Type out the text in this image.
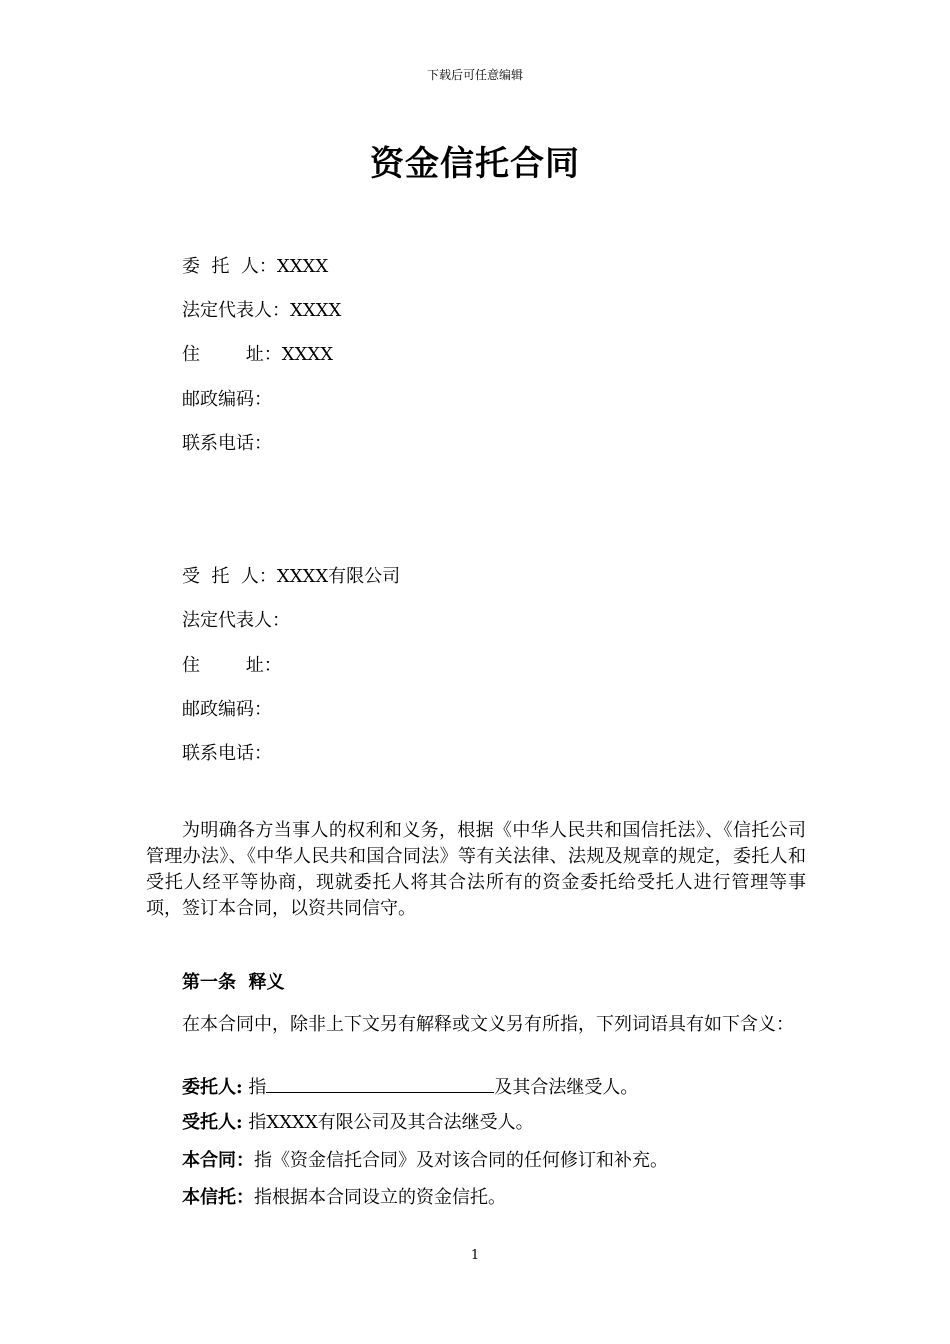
下载后可任意编辑
资金信托合同
委  托  人：XXXX
法定代表人：XXXX
住        址：XXXX
邮政编码：
联系电话：
受  托  人：XXXX有限公司
法定代表人：
住        址：
邮政编码：
联系电话：
为明确各方当事人的权利和义务，根据《中华人民共和国信托法》、《信托公司管理办法》、《中华人民共和国合同法》等有关法律、法规及规章的规定，委托人和受托人经平等协商，现就委托人将其合法所有的资金委托给受托人进行管理等事项，签订本合同，以资共同信守。
第一条  释义
在本合同中，除非上下文另有解释或文义另有所指，下列词语具有如下含义：
委托人: 指	及其合法继受人。
受托人: 指XXXX有限公司及其合法继受人。
本合同：指《资金信托合同》及对该合同的任何修订和补充。
本信托：指根据本合同设立的资金信托。
1
